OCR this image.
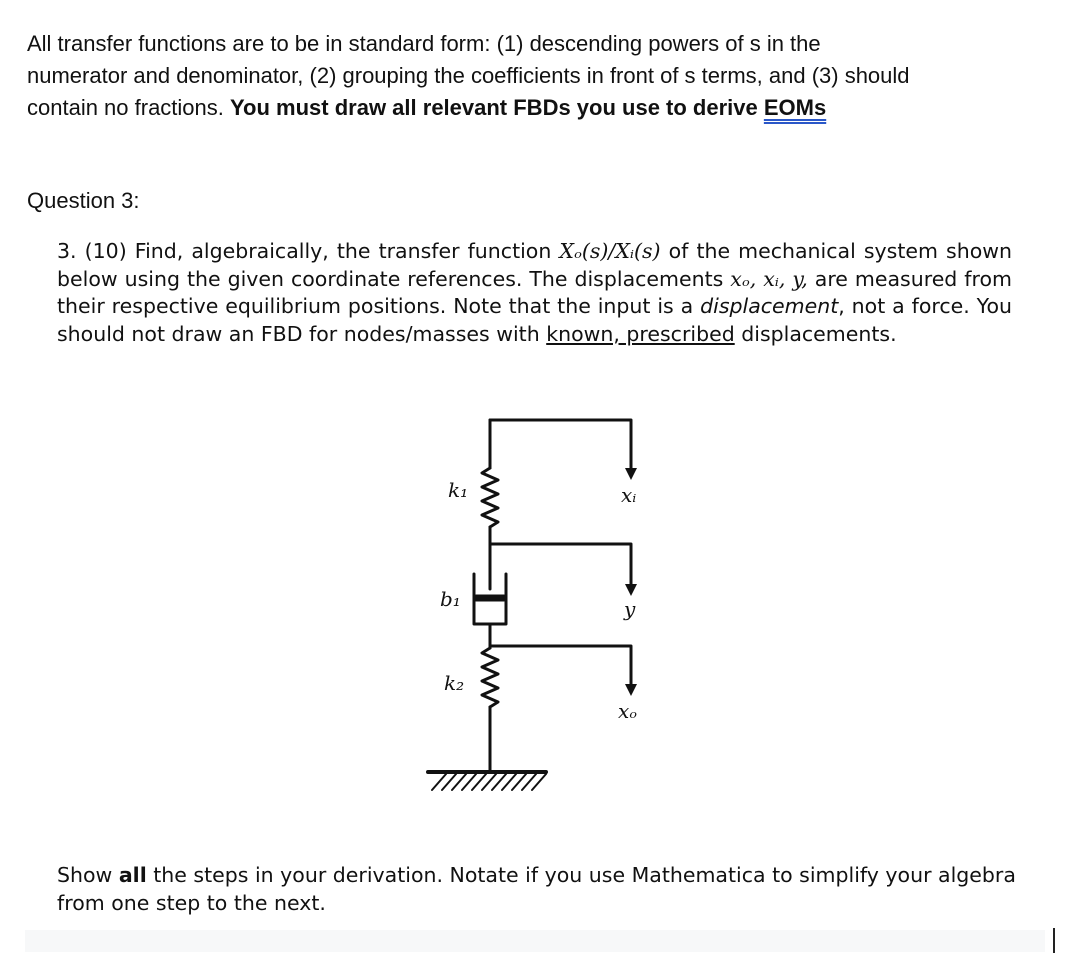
All transfer functions are to be in standard form: (1) descending powers of s in the
numerator and denominator, (2) grouping the coefficients in front of s terms, and (3) should
contain no fractions. You must draw all relevant FBDs you use to derive EOMs
Question 3:
3. (10) Find, algebraically, the transfer function Xₒ(s)/Xᵢ(s) of the mechanical system shown below using the given coordinate references. The displacements xₒ, xᵢ, y, are measured from their respective equilibrium positions. Note that the input is a displacement, not a force. You should not draw an FBD for nodes/masses with known, prescribed displacements.
k₁
b₁
k₂
xᵢ
y
xₒ
Show all the steps in your derivation. Notate if you use Mathematica to simplify your algebra from one step to the next.
